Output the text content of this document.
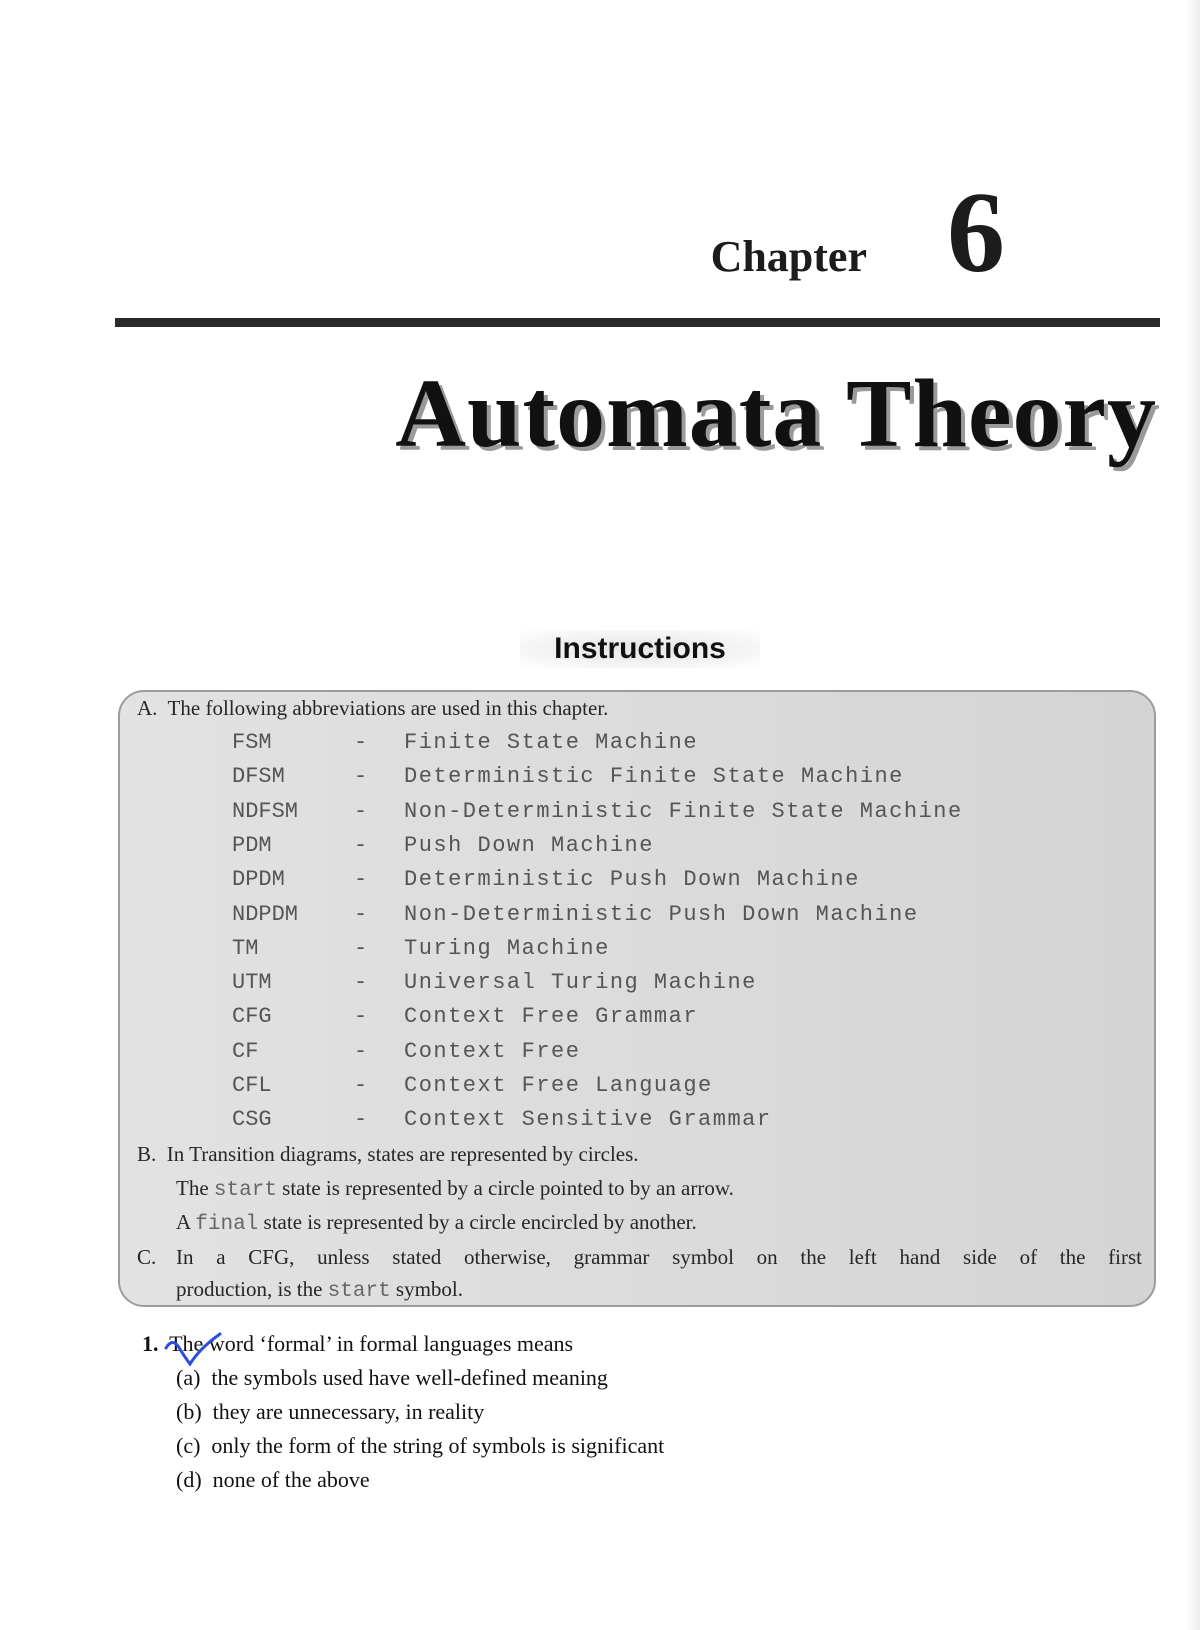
Chapter 6
Automata Theory
Instructions
A. The following abbreviations are used in this chapter.
FSM	- Finite State Machine
DFSM	- Deterministic Finite State Machine
NDFSM	- Non-Deterministic Finite State Machine
PDM	- Push Down Machine
DPDM	- Deterministic Push Down Machine
NDPDM	- Non-Deterministic Push Down Machine
TM	- Turing Machine
UTM	- Universal Turing Machine
CFG	- Context Free Grammar
CF	- Context Free
CFL	- Context Free Language
CSG	- Context Sensitive Grammar
B. In Transition diagrams, states are represented by circles.
The start state is represented by a circle pointed to by an arrow.
A final state is represented by a circle encircled by another.
C. In a CFG, unless stated otherwise, grammar symbol on the left hand side of the first
production, is the start symbol.
1. The word ‘formal’ in formal languages means
(a) the symbols used have well-defined meaning
(b) they are unnecessary, in reality
(c) only the form of the string of symbols is significant
(d) none of the above
